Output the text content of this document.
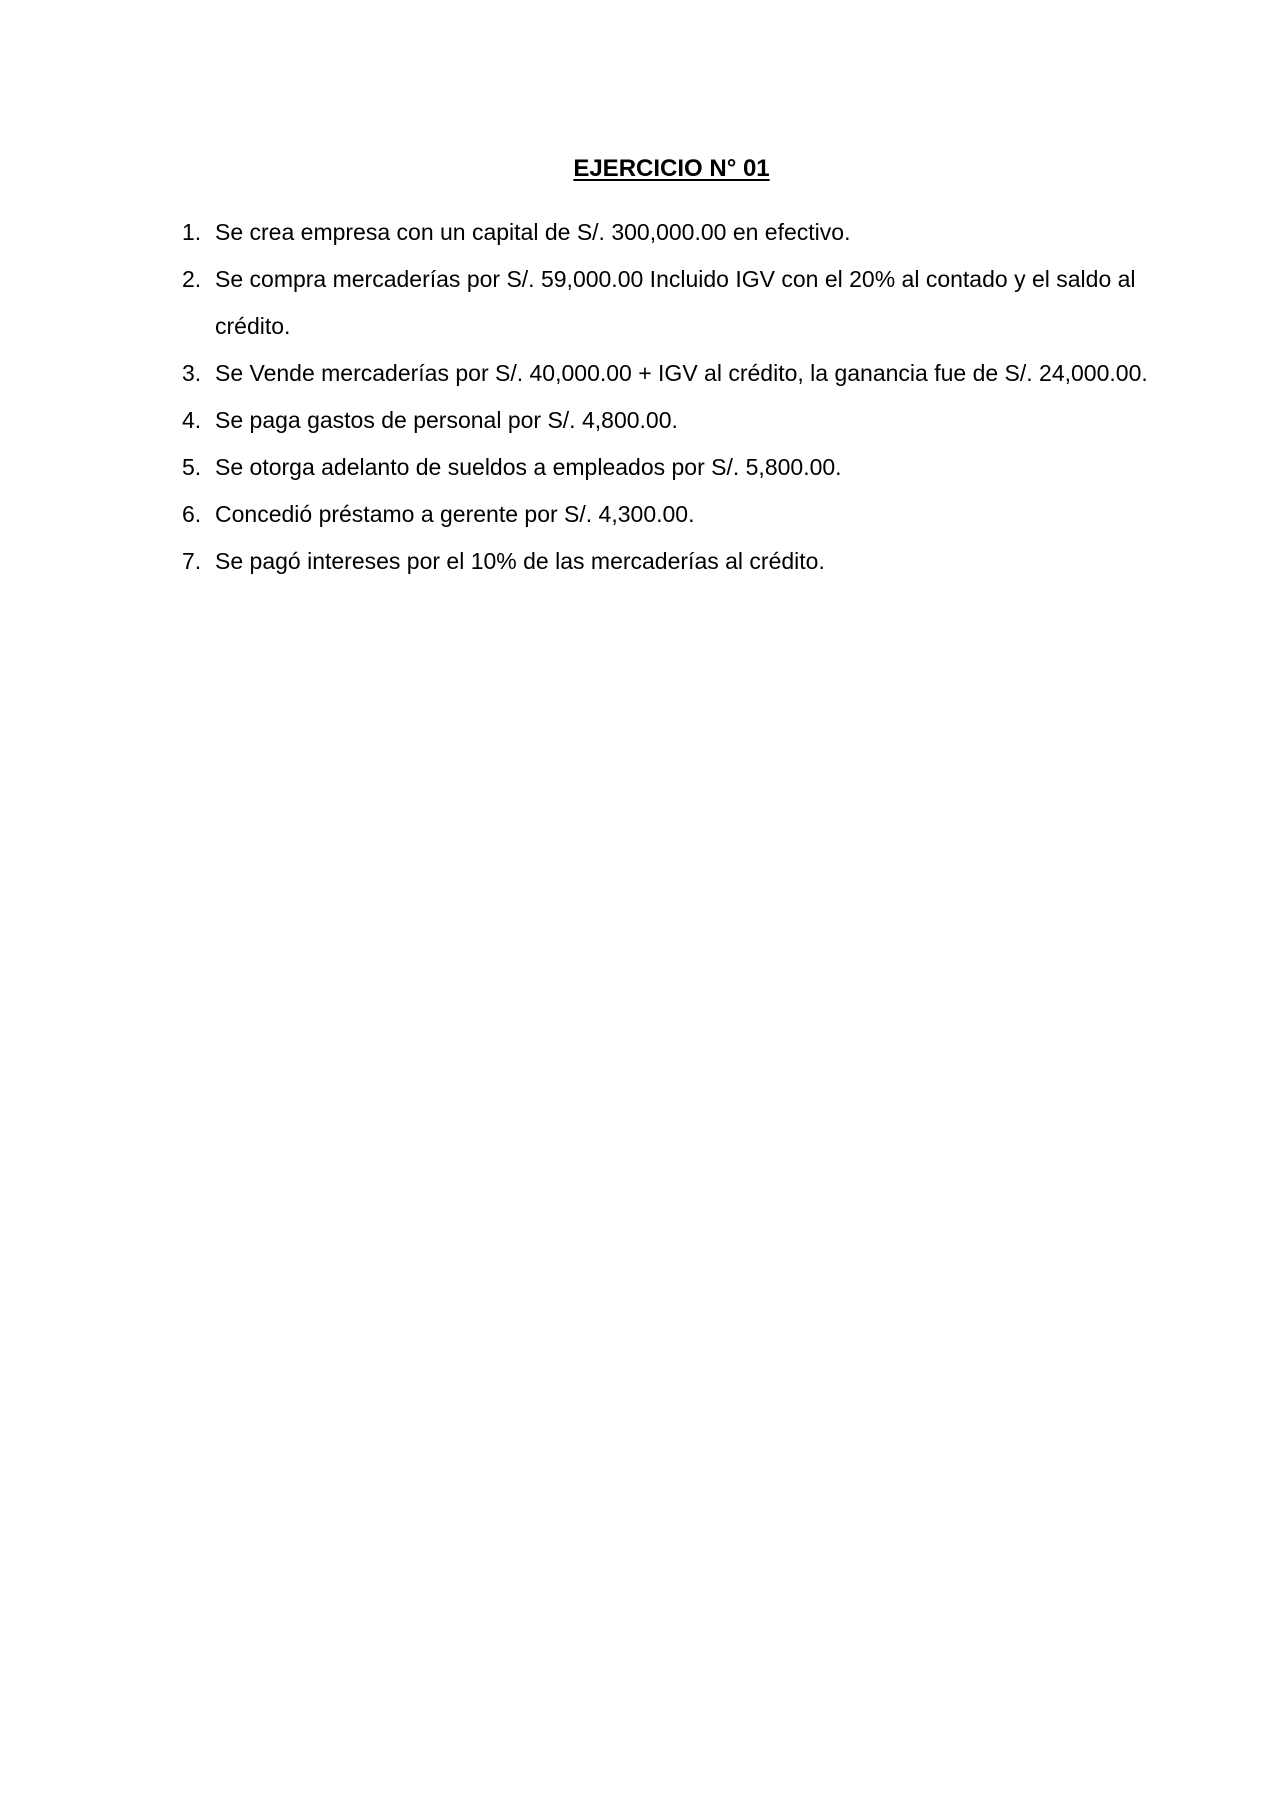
EJERCICIO N° 01
1. Se crea empresa con un capital de S/. 300,000.00 en efectivo.
2. Se compra mercaderías por S/. 59,000.00 Incluido IGV con el 20% al contado y el saldo al crédito.
3. Se Vende mercaderías por S/. 40,000.00 + IGV al crédito, la ganancia fue de S/. 24,000.00.
4. Se paga gastos de personal por S/. 4,800.00.
5. Se otorga adelanto de sueldos a empleados por S/. 5,800.00.
6. Concedió préstamo a gerente por S/. 4,300.00.
7. Se pagó intereses por el 10% de las mercaderías al crédito.
